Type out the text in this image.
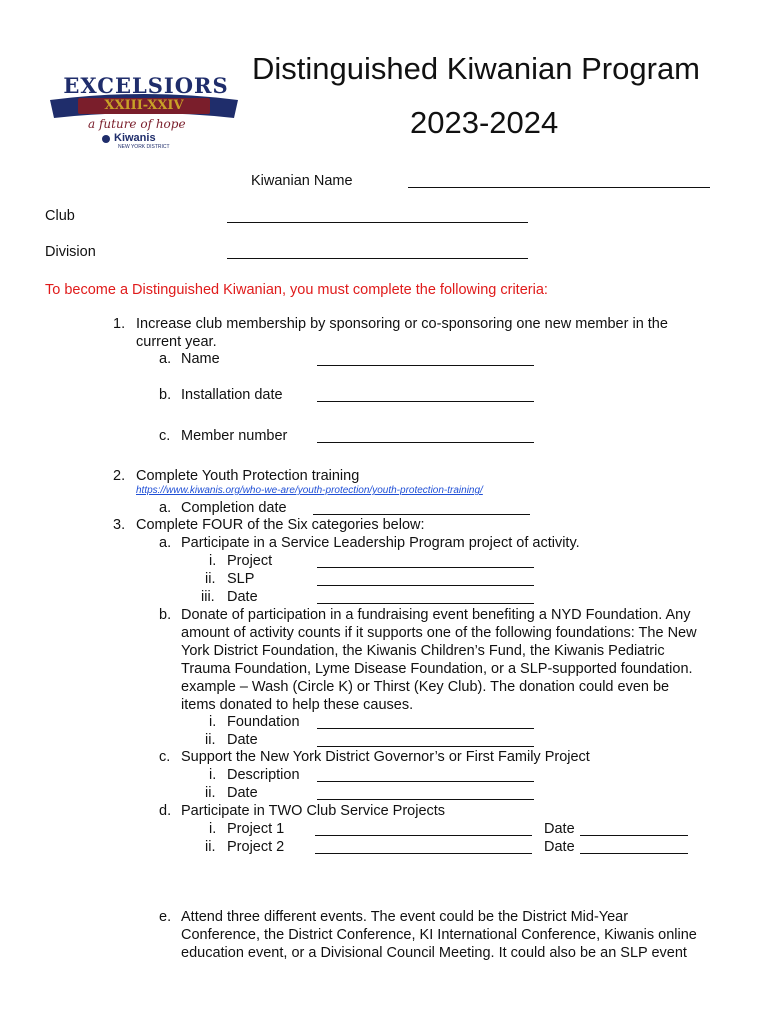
EXCELSIORS
XXIII-XXIV
a future of hope
Kiwanis
NEW YORK DISTRICT
Distinguished Kiwanian Program
2023-2024
Kiwanian Name
Club
Division
To become a Distinguished Kiwanian, you must complete the following criteria:
1. Increase club membership by sponsoring or co-sponsoring one new member in the
current year.
a. Name
b. Installation date
c. Member number
2. Complete Youth Protection training
https://www.kiwanis.org/who-we-are/youth-protection/youth-protection-training/
a. Completion date
3. Complete FOUR of the Six categories below:
a. Participate in a Service Leadership Program project of activity.
i. Project
ii. SLP
iii. Date
b. Donate of participation in a fundraising event benefiting a NYD Foundation. Any
amount of activity counts if it supports one of the following foundations: The New
York District Foundation, the Kiwanis Children’s Fund, the Kiwanis Pediatric
Trauma Foundation, Lyme Disease Foundation, or a SLP-supported foundation.
example – Wash (Circle K) or Thirst (Key Club). The donation could even be
items donated to help these causes.
i. Foundation
ii. Date
c. Support the New York District Governor’s or First Family Project
i. Description
ii. Date
d. Participate in TWO Club Service Projects
i. Project 1	Date
ii. Project 2	Date
e. Attend three different events. The event could be the District Mid-Year
Conference, the District Conference, KI International Conference, Kiwanis online
education event, or a Divisional Council Meeting. It could also be an SLP event
